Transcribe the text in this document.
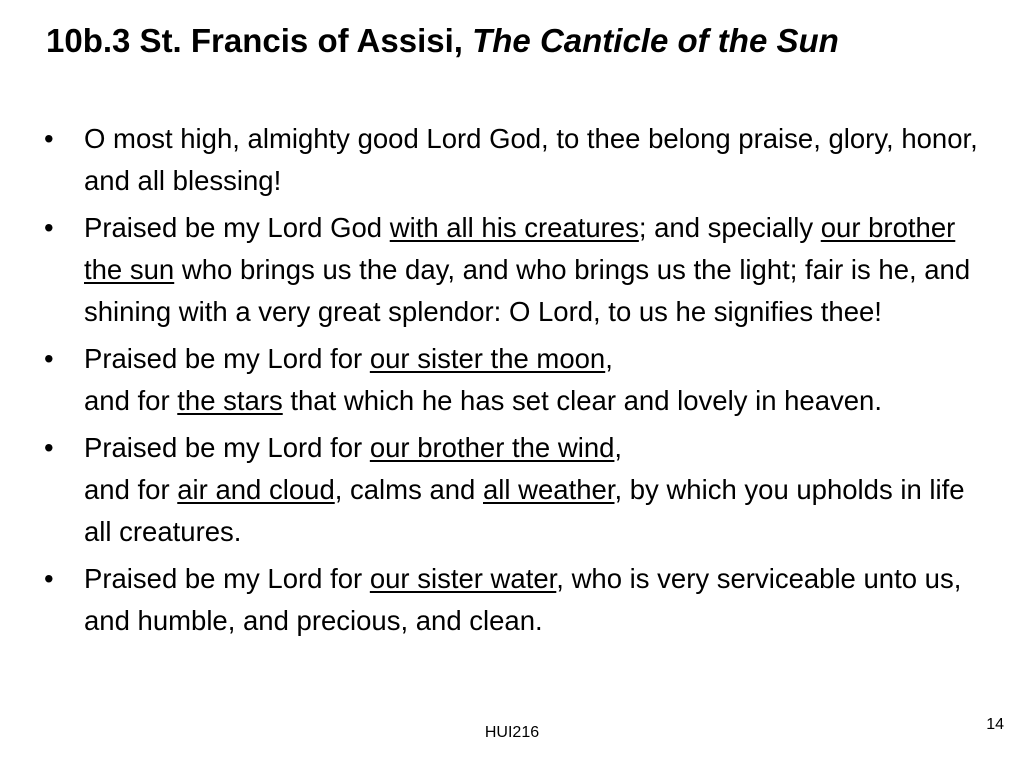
10b.3 St. Francis of Assisi, The Canticle of the Sun
•	O most high, almighty good Lord God, to thee belong praise, glory, honor, and all blessing!
•	Praised be my Lord God with all his creatures; and specially our brother the sun who brings us the day, and who brings us the light; fair is he, and shining with a very great splendor: O Lord, to us he signifies thee!
•	Praised be my Lord for our sister the moon,
and for the stars that which he has set clear and lovely in heaven.
•	Praised be my Lord for our brother the wind,
and for air and cloud, calms and all weather, by which you upholds in life all creatures.
•	Praised be my Lord for our sister water, who is very serviceable unto us, and humble, and precious, and clean.
HUI216	14
